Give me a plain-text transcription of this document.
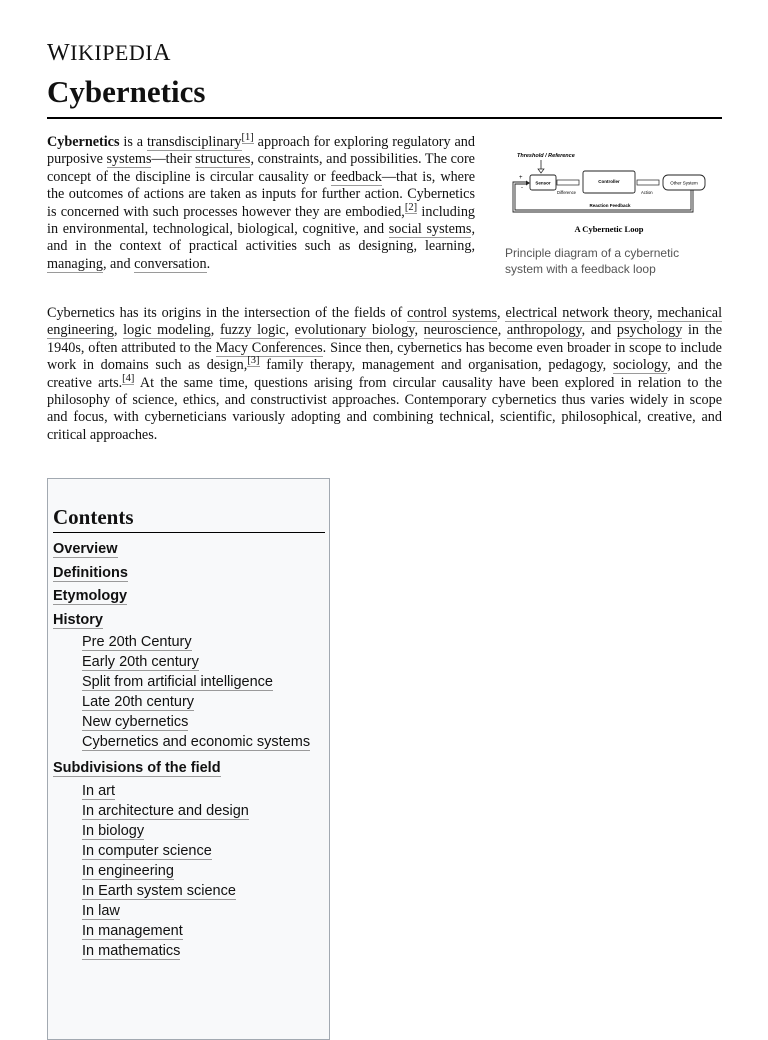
WIKIPEDIA
Cybernetics
Cybernetics is a transdisciplinary[1] approach for exploring regulatory and purposive systems—their structures, constraints, and possibilities. The core concept of the discipline is circular causality or feedback—that is, where the outcomes of actions are taken as inputs for further action. Cybernetics is concerned with such processes however they are embodied,[2] including in environmental, technological, biological, cognitive, and social systems, and in the context of practical activities such as designing, learning, managing, and conversation.
Threshold / Reference
Sensor
+
-
Difference
Controller
Action
Other System
Reaction Feedback
A Cybernetic Loop
Principle diagram of a cybernetic system with a feedback loop
Cybernetics has its origins in the intersection of the fields of control systems, electrical network theory, mechanical engineering, logic modeling, fuzzy logic, evolutionary biology, neuroscience, anthropology, and psychology in the 1940s, often attributed to the Macy Conferences. Since then, cybernetics has become even broader in scope to include work in domains such as design,[3] family therapy, management and organisation, pedagogy, sociology, and the creative arts.[4] At the same time, questions arising from circular causality have been explored in relation to the philosophy of science, ethics, and constructivist approaches. Contemporary cybernetics thus varies widely in scope and focus, with cyberneticians variously adopting and combining technical, scientific, philosophical, creative, and critical approaches.
Contents
Overview
Definitions
Etymology
History
Pre 20th Century
Early 20th century
Split from artificial intelligence
Late 20th century
New cybernetics
Cybernetics and economic systems
Subdivisions of the field
In art
In architecture and design
In biology
In computer science
In engineering
In Earth system science
In law
In management
In mathematics
